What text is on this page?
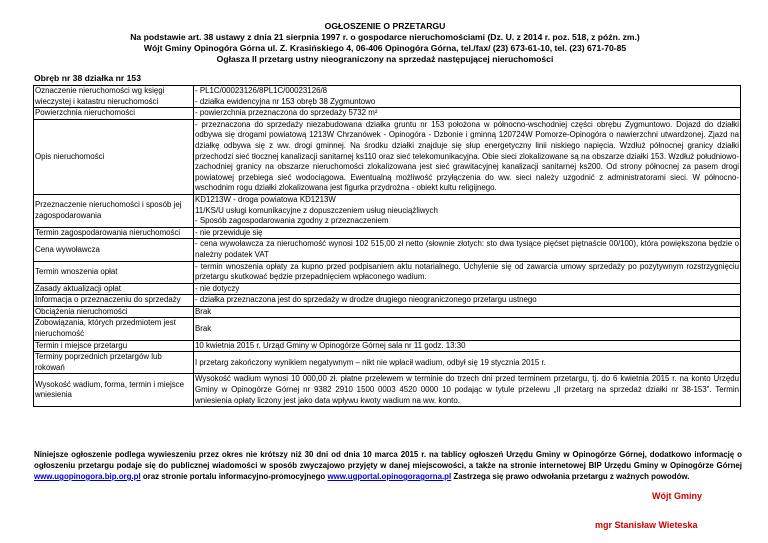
OGŁOSZENIE O PRZETARGU
Na podstawie art. 38 ustawy z dnia 21 sierpnia 1997 r. o gospodarce nieruchomościami (Dz. U. z 2014 r. poz. 518, z późn. zm.)
Wójt Gminy Opinogóra Górna ul. Z. Krasińskiego 4, 06-406 Opinogóra Górna, tel./fax/ (23) 673-61-10, tel. (23) 671-70-85
Ogłasza II przetarg ustny nieograniczony na sprzedaż następującej nieruchomości
Obręb nr 38 działka nr 153
Oznaczenie nieruchomości wg księgi wieczystej i katastru nieruchomości	- PL1C/00023126/8PL1C/00023126/8
- działka ewidencyjna nr 153 obręb 38 Zygmuntowo
Powierzchnia nieruchomości	- powierzchnia przeznaczona do sprzedaży 5732 m²
Opis nieruchomości	- przeznaczona do sprzedaży niezabudowana działka gruntu nr 153 położona w północno-wschodniej części obrębu Zygmuntowo. Dojazd do działki odbywa się drogami powiatową 1213W Chrzanówek - Opinogóra - Dzbonie i gminną 120724W Pomorze-Opinogóra o nawierzchni utwardzonej. Zjazd na działkę odbywa się z ww. drogi gminnej. Na środku działki znajduje się słup energetyczny linii niskiego napięcia. Wzdłuż północnej granicy działki przechodzi sieć tłocznej kanalizacji sanitarnej ks110 oraz sieć telekomunikacyjna. Obie sieci zlokalizowane są na obszarze działki 153. Wzdłuż południowo-zachodniej granicy na obszarze nieruchomości zlokalizowana jest sieć grawitacyjnej kanalizacji sanitarnej ks200. Od strony północnej za pasem drogi powiatowej przebiega sieć wodociągowa. Ewentualną możliwość przyłączenia do ww. sieci należy uzgodnić z administratorami sieci. W północno-wschodnim rogu działki zlokalizowana jest figurka przydrożna - obiekt kultu religijnego.
Przeznaczenie nieruchomości i sposób jej zagospodarowania	KD1213W - droga powiatowa KD1213W
11/KS/U usługi komunikacyjne z dopuszczeniem usług nieuciążliwych
- Sposób zagospodarowania zgodny z przeznaczeniem
Termin zagospodarowania nieruchomości	- nie przewiduje się
Cena wywoławcza	- cena wywoławcza za nieruchomość wynosi 102 515,00 zł netto (słownie złotych: sto dwa tysiące pięćset piętnaście 00/100), która powiększona będzie o należny podatek VAT
Termin wnoszenia opłat	- termin wnoszenia opłaty za kupno przed podpisaniem aktu notarialnego. Uchylenie się od zawarcia umowy sprzedaży po pozytywnym rozstrzygnięciu przetargu skutkować będzie przepadnięciem wpłaconego wadium.
Zasady aktualizacji opłat	- nie dotyczy
Informacja o przeznaczeniu do sprzedaży	- działka przeznaczona jest do sprzedaży w drodze drugiego nieograniczonego przetargu ustnego
Obciążenia nieruchomości	Brak
Zobowiązania, których przedmiotem jest nieruchomość	Brak
Termin i miejsce przetargu	10 kwietnia 2015 r. Urząd Gminy w Opinogórze Górnej sala nr 11 godz. 13:30
Terminy poprzednich przetargów lub rokowań	I przetarg zakończony wynikiem negatywnym – nikt nie wpłacił wadium, odbył się 19 stycznia 2015 r.
Wysokość wadium, forma, termin i miejsce wniesienia	Wysokość wadium wynosi 10 000,00 zł. płatne przelewem w terminie do trzech dni przed terminem przetargu, tj. do 6 kwietnia 2015 r. na konto Urzędu Gminy w Opinogórze Górnej nr 9382 2910 1500 0003 4520 0000 10 podając w tytule przelewu „II przetarg na sprzedaż działki nr 38-153". Termin wniesienia opłaty liczony jest jako data wpływu kwoty wadium na ww. konto.
Niniejsze ogłoszenie podlega wywieszeniu przez okres nie krótszy niż 30 dni od dnia 10 marca 2015 r. na tablicy ogłoszeń Urzędu Gminy w Opinogórze Górnej, dodatkowo informację o ogłoszeniu przetargu podaje się do publicznej wiadomości w sposób zwyczajowo przyjęty w danej miejscowości, a także na stronie internetowej BIP Urzędu Gminy w Opinogórze Górnej www.ugopinogora.bip.org.pl oraz stronie portalu informacyjno-promocyjnego www.ugportal.opinogoragorna.pl Zastrzega się prawo odwołania przetargu z ważnych powodów.
Wójt Gminy
mgr Stanisław Wieteska
